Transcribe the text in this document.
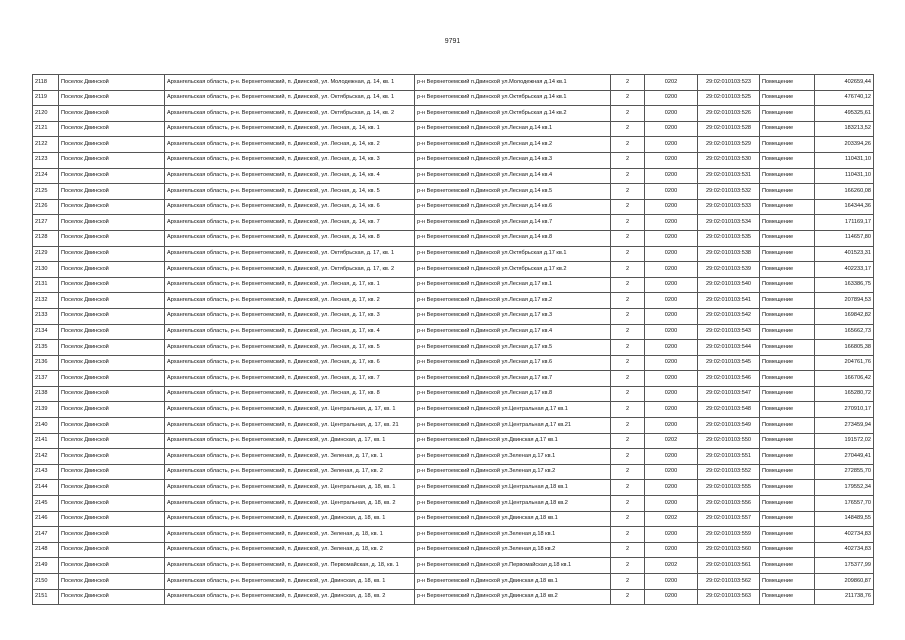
9791
2118	Поселок Двинской	Архангельская область, р-н. Верхнетоемский, п. Двинской, ул. Молодежная, д. 14, кв. 1	р-н Верхнетоемский п.Двинской ул.Молодежная д.14 кв.1	2	0202	29:02:010103:523	Помещение	402659,44
2119	Поселок Двинской	Архангельская область, р-н. Верхнетоемский, п. Двинской, ул. Октябрьская, д. 14, кв. 1	р-н Верхнетоемский п.Двинской ул.Октябрьская д.14 кв.1	2	0200	29:02:010103:525	Помещение	476740,12
2120	Поселок Двинской	Архангельская область, р-н. Верхнетоемский, п. Двинской, ул. Октябрьская, д. 14, кв. 2	р-н Верхнетоемский п.Двинской ул.Октябрьская д.14 кв.2	2	0200	29:02:010103:526	Помещение	495325,61
2121	Поселок Двинской	Архангельская область, р-н. Верхнетоемский, п. Двинской, ул. Лесная, д. 14, кв. 1	р-н Верхнетоемский п.Двинской ул.Лесная д.14 кв.1	2	0200	29:02:010103:528	Помещение	183213,52
2122	Поселок Двинской	Архангельская область, р-н. Верхнетоемский, п. Двинской, ул. Лесная, д. 14, кв. 2	р-н Верхнетоемский п.Двинской ул.Лесная д.14 кв.2	2	0200	29:02:010103:529	Помещение	203394,26
2123	Поселок Двинской	Архангельская область, р-н. Верхнетоемский, п. Двинской, ул. Лесная, д. 14, кв. 3	р-н Верхнетоемский п.Двинской ул.Лесная д.14 кв.3	2	0200	29:02:010103:530	Помещение	110431,10
2124	Поселок Двинской	Архангельская область, р-н. Верхнетоемский, п. Двинской, ул. Лесная, д. 14, кв. 4	р-н Верхнетоемский п.Двинской ул.Лесная д.14 кв.4	2	0200	29:02:010103:531	Помещение	110431,10
2125	Поселок Двинской	Архангельская область, р-н. Верхнетоемский, п. Двинской, ул. Лесная, д. 14, кв. 5	р-н Верхнетоемский п.Двинской ул.Лесная д.14 кв.5	2	0200	29:02:010103:532	Помещение	166260,08
2126	Поселок Двинской	Архангельская область, р-н. Верхнетоемский, п. Двинской, ул. Лесная, д. 14, кв. 6	р-н Верхнетоемский п.Двинской ул.Лесная д.14 кв.6	2	0200	29:02:010103:533	Помещение	164344,36
2127	Поселок Двинской	Архангельская область, р-н. Верхнетоемский, п. Двинской, ул. Лесная, д. 14, кв. 7	р-н Верхнетоемский п.Двинской ул.Лесная д.14 кв.7	2	0200	29:02:010103:534	Помещение	171169,17
2128	Поселок Двинской	Архангельская область, р-н. Верхнетоемский, п. Двинской, ул. Лесная, д. 14, кв. 8	р-н Верхнетоемский п.Двинской ул.Лесная д.14 кв.8	2	0200	29:02:010103:535	Помещение	114657,80
2129	Поселок Двинской	Архангельская область, р-н. Верхнетоемский, п. Двинской, ул. Октябрьская, д. 17, кв. 1	р-н Верхнетоемский п.Двинской ул.Октябрьская д.17 кв.1	2	0200	29:02:010103:538	Помещение	401523,31
2130	Поселок Двинской	Архангельская область, р-н. Верхнетоемский, п. Двинской, ул. Октябрьская, д. 17, кв. 2	р-н Верхнетоемский п.Двинской ул.Октябрьская д.17 кв.2	2	0200	29:02:010103:539	Помещение	402233,17
2131	Поселок Двинской	Архангельская область, р-н. Верхнетоемский, п. Двинской, ул. Лесная, д. 17, кв. 1	р-н Верхнетоемский п.Двинской ул.Лесная д.17 кв.1	2	0200	29:02:010103:540	Помещение	163386,75
2132	Поселок Двинской	Архангельская область, р-н. Верхнетоемский, п. Двинской, ул. Лесная, д. 17, кв. 2	р-н Верхнетоемский п.Двинской ул.Лесная д.17 кв.2	2	0200	29:02:010103:541	Помещение	207894,53
2133	Поселок Двинской	Архангельская область, р-н. Верхнетоемский, п. Двинской, ул. Лесная, д. 17, кв. 3	р-н Верхнетоемский п.Двинской ул.Лесная д.17 кв.3	2	0200	29:02:010103:542	Помещение	169842,82
2134	Поселок Двинской	Архангельская область, р-н. Верхнетоемский, п. Двинской, ул. Лесная, д. 17, кв. 4	р-н Верхнетоемский п.Двинской ул.Лесная д.17 кв.4	2	0200	29:02:010103:543	Помещение	165662,73
2135	Поселок Двинской	Архангельская область, р-н. Верхнетоемский, п. Двинской, ул. Лесная, д. 17, кв. 5	р-н Верхнетоемский п.Двинской ул.Лесная д.17 кв.5	2	0200	29:02:010103:544	Помещение	166805,38
2136	Поселок Двинской	Архангельская область, р-н. Верхнетоемский, п. Двинской, ул. Лесная, д. 17, кв. 6	р-н Верхнетоемский п.Двинской ул.Лесная д.17 кв.6	2	0200	29:02:010103:545	Помещение	204761,76
2137	Поселок Двинской	Архангельская область, р-н. Верхнетоемский, п. Двинской, ул. Лесная, д. 17, кв. 7	р-н Верхнетоемский п.Двинской ул.Лесная д.17 кв.7	2	0200	29:02:010103:546	Помещение	166706,42
2138	Поселок Двинской	Архангельская область, р-н. Верхнетоемский, п. Двинской, ул. Лесная, д. 17, кв. 8	р-н Верхнетоемский п.Двинской ул.Лесная д.17 кв.8	2	0200	29:02:010103:547	Помещение	165280,72
2139	Поселок Двинской	Архангельская область, р-н. Верхнетоемский, п. Двинской, ул. Центральная, д. 17, кв. 1	р-н Верхнетоемский п.Двинской ул.Центральная д.17 кв.1	2	0200	29:02:010103:548	Помещение	270910,17
2140	Поселок Двинской	Архангельская область, р-н. Верхнетоемский, п. Двинской, ул. Центральная, д. 17, кв. 21	р-н Верхнетоемский п.Двинской ул.Центральная д.17 кв.21	2	0200	29:02:010103:549	Помещение	273459,94
2141	Поселок Двинской	Архангельская область, р-н. Верхнетоемский, п. Двинской, ул. Двинская, д. 17, кв. 1	р-н Верхнетоемский п.Двинской ул.Двинская д.17 кв.1	2	0202	29:02:010103:550	Помещение	191572,02
2142	Поселок Двинской	Архангельская область, р-н. Верхнетоемский, п. Двинской, ул. Зеленая, д. 17, кв. 1	р-н Верхнетоемский п.Двинской ул.Зеленая д.17 кв.1	2	0200	29:02:010103:551	Помещение	270449,41
2143	Поселок Двинской	Архангельская область, р-н. Верхнетоемский, п. Двинской, ул. Зеленая, д. 17, кв. 2	р-н Верхнетоемский п.Двинской ул.Зеленая д.17 кв.2	2	0200	29:02:010103:552	Помещение	272855,70
2144	Поселок Двинской	Архангельская область, р-н. Верхнетоемский, п. Двинской, ул. Центральная, д. 18, кв. 1	р-н Верхнетоемский п.Двинской ул.Центральная д.18 кв.1	2	0200	29:02:010103:555	Помещение	179552,34
2145	Поселок Двинской	Архангельская область, р-н. Верхнетоемский, п. Двинской, ул. Центральная, д. 18, кв. 2	р-н Верхнетоемский п.Двинской ул.Центральная д.18 кв.2	2	0200	29:02:010103:556	Помещение	176557,70
2146	Поселок Двинской	Архангельская область, р-н. Верхнетоемский, п. Двинской, ул. Двинская, д. 18, кв. 1	р-н Верхнетоемский п.Двинской ул.Двинская д.18 кв.1	2	0202	29:02:010103:557	Помещение	148489,55
2147	Поселок Двинской	Архангельская область, р-н. Верхнетоемский, п. Двинской, ул. Зеленая, д. 18, кв. 1	р-н Верхнетоемский п.Двинской ул.Зеленая д.18 кв.1	2	0200	29:02:010103:559	Помещение	402734,83
2148	Поселок Двинской	Архангельская область, р-н. Верхнетоемский, п. Двинской, ул. Зеленая, д. 18, кв. 2	р-н Верхнетоемский п.Двинской ул.Зеленая д.18 кв.2	2	0200	29:02:010103:560	Помещение	402734,83
2149	Поселок Двинской	Архангельская область, р-н. Верхнетоемский, п. Двинской, ул. Первомайская, д. 18, кв. 1	р-н Верхнетоемский п.Двинской ул.Первомайская д.18 кв.1	2	0202	29:02:010103:561	Помещение	175377,99
2150	Поселок Двинской	Архангельская область, р-н. Верхнетоемский, п. Двинской, ул. Двинская, д. 18, кв. 1	р-н Верхнетоемский п.Двинской ул.Двинская д.18 кв.1	2	0200	29:02:010103:562	Помещение	209860,87
2151	Поселок Двинской	Архангельская область, р-н. Верхнетоемский, п. Двинской, ул. Двинская, д. 18, кв. 2	р-н Верхнетоемский п.Двинской ул.Двинская д.18 кв.2	2	0200	29:02:010103:563	Помещение	211738,76
